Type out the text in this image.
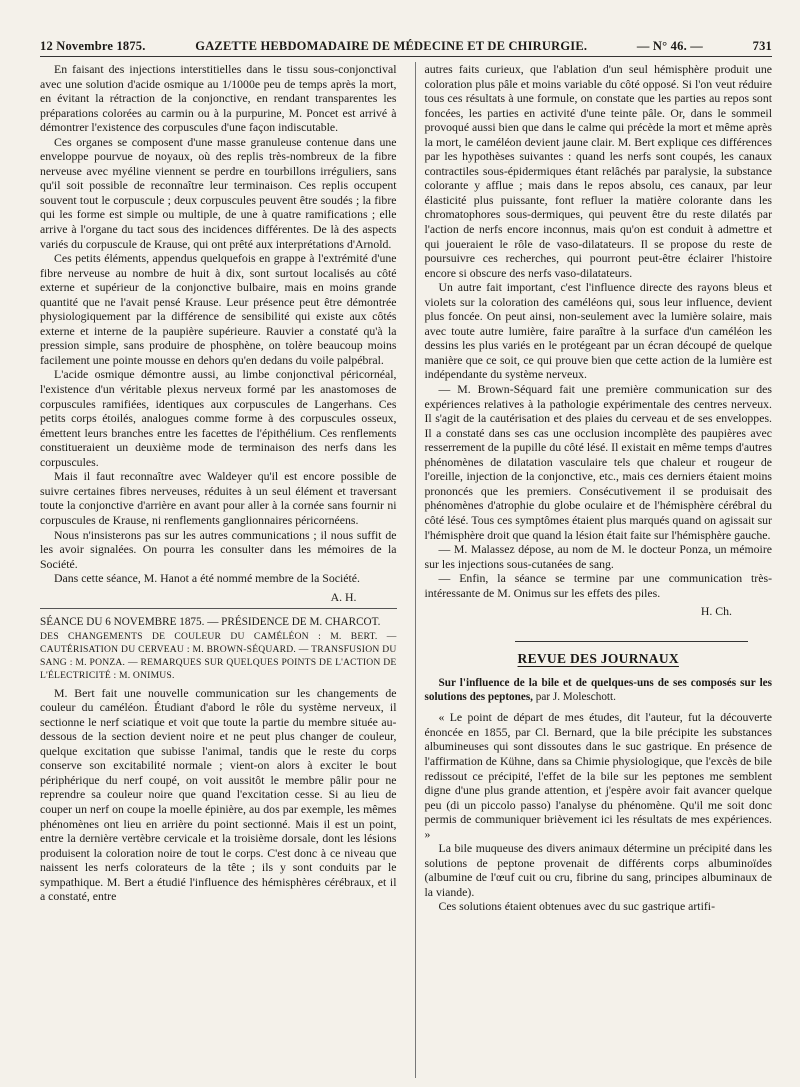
12 Novembre 1875.	GAZETTE HEBDOMADAIRE DE MÉDECINE ET DE CHIRURGIE.	— N° 46. —	731

En faisant des injections interstitielles dans le tissu sous-conjonctival avec une solution d'acide osmique au 1/1000e peu de temps après la mort, en évitant la rétraction de la conjonctive, en rendant transparentes les préparations colorées au carmin ou à la purpurine, M. Poncet est arrivé à démontrer l'existence des corpuscules d'une façon indiscutable.

Ces organes se composent d'une masse granuleuse contenue dans une enveloppe pourvue de noyaux, où des replis très-nombreux de la fibre nerveuse avec myéline viennent se perdre en tourbillons irréguliers, sans qu'il soit possible de reconnaître leur terminaison. Ces replis occupent souvent tout le corpuscule ; deux corpuscules peuvent être soudés ; la fibre qui les forme est simple ou multiple, de une à quatre ramifications ; elle arrive à l'organe du tact sous des incidences différentes. De là des aspects variés du corpuscule de Krause, qui ont prêté aux interprétations d'Arnold.

Ces petits éléments, appendus quelquefois en grappe à l'extrémité d'une fibre nerveuse au nombre de huit à dix, sont surtout localisés au côté externe et supérieur de la conjonctive bulbaire, mais en moins grande quantité que ne l'avait pensé Krause. Leur présence peut être démontrée physiologiquement par la différence de sensibilité qui existe aux côtés externe et interne de la paupière supérieure. Rauvier a constaté qu'à la pression simple, sans produire de phosphène, on tolère beaucoup moins facilement une pointe mousse en dehors qu'en dedans du voile palpébral.

L'acide osmique démontre aussi, au limbe conjonctival péricornéal, l'existence d'un véritable plexus nerveux formé par les anastomoses de corpuscules ramifiées, identiques aux corpuscules de Langerhans. Ces petits corps étoilés, analogues comme forme à des corpuscules osseux, émettent leurs branches entre les facettes de l'épithélium. Ces renflements constitueraient un deuxième mode de terminaison des nerfs dans les corpuscules.

Mais il faut reconnaître avec Waldeyer qu'il est encore possible de suivre certaines fibres nerveuses, réduites à un seul élément et traversant toute la conjonctive d'arrière en avant pour aller à la cornée sans fournir ni corpuscules de Krause, ni renflements ganglionnaires péricornéens.

Nous n'insisterons pas sur les autres communications ; il nous suffit de les avoir signalées. On pourra les consulter dans les mémoires de la Société.

Dans cette séance, M. Hanot a été nommé membre de la Société.

A. H.

SÉANCE DU 6 NOVEMBRE 1875. — PRÉSIDENCE DE M. CHARCOT.

DES CHANGEMENTS DE COULEUR DU CAMÉLÉON : M. BERT. — CAUTÉRISATION DU CERVEAU : M. BROWN-SÉQUARD. — TRANSFUSION DU SANG : M. PONZA. — REMARQUES SUR QUELQUES POINTS DE L'ACTION DE L'ÉLECTRICITÉ : M. ONIMUS.

M. Bert fait une nouvelle communication sur les changements de couleur du caméléon. Étudiant d'abord le rôle du système nerveux, il sectionne le nerf sciatique et voit que toute la partie du membre située au-dessous de la section devient noire et ne peut plus changer de couleur, quelque excitation que subisse l'animal, tandis que le reste du corps conserve son excitabilité normale ; vient-on alors à exciter le bout périphérique du nerf coupé, on voit aussitôt le membre pâlir pour ne reprendre sa couleur noire que quand l'excitation cesse. Si au lieu de couper un nerf on coupe la moelle épinière, au dos par exemple, les mêmes phénomènes ont lieu en arrière du point sectionné. Mais il est un point, entre la dernière vertèbre cervicale et la troisième dorsale, dont les lésions produisent la coloration noire de tout le corps. C'est donc à ce niveau que naissent les nerfs colorateurs de la tête ; ils y sont conduits par le sympathique. M. Bert a étudié l'influence des hémisphères cérébraux, et il a constaté, entre

autres faits curieux, que l'ablation d'un seul hémisphère produit une coloration plus pâle et moins variable du côté opposé. Si l'on veut réduire tous ces résultats à une formule, on constate que les parties au repos sont foncées, les parties en activité d'une teinte pâle. Or, dans le sommeil provoqué aussi bien que dans le calme qui précède la mort et même après la mort, le caméléon devient jaune clair. M. Bert explique ces différences par les hypothèses suivantes : quand les nerfs sont coupés, les canaux contractiles sous-épidermiques étant relâchés par paralysie, la substance colorante y afflue ; mais dans le repos absolu, ces canaux, par leur élasticité plus puissante, font refluer la matière colorante dans les chromatophores sous-dermiques, qui peuvent être du reste dilatés par l'action de nerfs encore inconnus, mais qu'on est conduit à admettre et qui joueraient le rôle de vaso-dilatateurs. Il se propose du reste de poursuivre ces recherches, qui pourront peut-être éclairer l'histoire encore si obscure des nerfs vaso-dilatateurs.

Un autre fait important, c'est l'influence directe des rayons bleus et violets sur la coloration des caméléons qui, sous leur influence, devient plus foncée. On peut ainsi, non-seulement avec la lumière solaire, mais avec toute autre lumière, faire paraître à la surface d'un caméléon les dessins les plus variés en le protégeant par un écran découpé de quelque manière que ce soit, ce qui prouve bien que cette action de la lumière est indépendante du système nerveux.

— M. Brown-Séquard fait une première communication sur des expériences relatives à la pathologie expérimentale des centres nerveux. Il s'agit de la cautérisation et des plaies du cerveau et de ses enveloppes. Il a constaté dans ses cas une occlusion incomplète des paupières avec resserrement de la pupille du côté lésé. Il existait en même temps d'autres phénomènes de dilatation vasculaire tels que chaleur et rougeur de l'oreille, injection de la conjonctive, etc., mais ces derniers étaient moins prononcés que les premiers. Consécutivement il se produisait des phénomènes d'atrophie du globe oculaire et de l'hémisphère cérébral du côté lésé. Tous ces symptômes étaient plus marqués quand on agissait sur l'hémisphère droit que quand la lésion était faite sur l'hémisphère gauche.

— M. Malassez dépose, au nom de M. le docteur Ponza, un mémoire sur les injections sous-cutanées de sang.

— Enfin, la séance se termine par une communication très-intéressante de M. Onimus sur les effets des piles.

H. Ch.

REVUE DES JOURNAUX

Sur l'influence de la bile et de quelques-uns de ses composés sur les solutions des peptones, par J. Moleschott.

« Le point de départ de mes études, dit l'auteur, fut la découverte énoncée en 1855, par Cl. Bernard, que la bile précipite les substances albumineuses qui sont dissoutes dans le suc gastrique. En présence de l'affirmation de Kühne, dans sa Chimie physiologique, que l'excès de bile redissout ce précipité, l'effet de la bile sur les peptones me semblent digne d'une plus grande attention, et j'espère avoir fait avancer quelque peu (di un piccolo passo) l'analyse du phénomène. Qu'il me soit donc permis de communiquer brièvement ici les résultats de mes expériences. »

La bile muqueuse des divers animaux détermine un précipité dans les solutions de peptone provenait de différents corps albuminoïdes (albumine de l'œuf cuit ou cru, fibrine du sang, principes albuminaux de la viande).

Ces solutions étaient obtenues avec du suc gastrique artifi-
